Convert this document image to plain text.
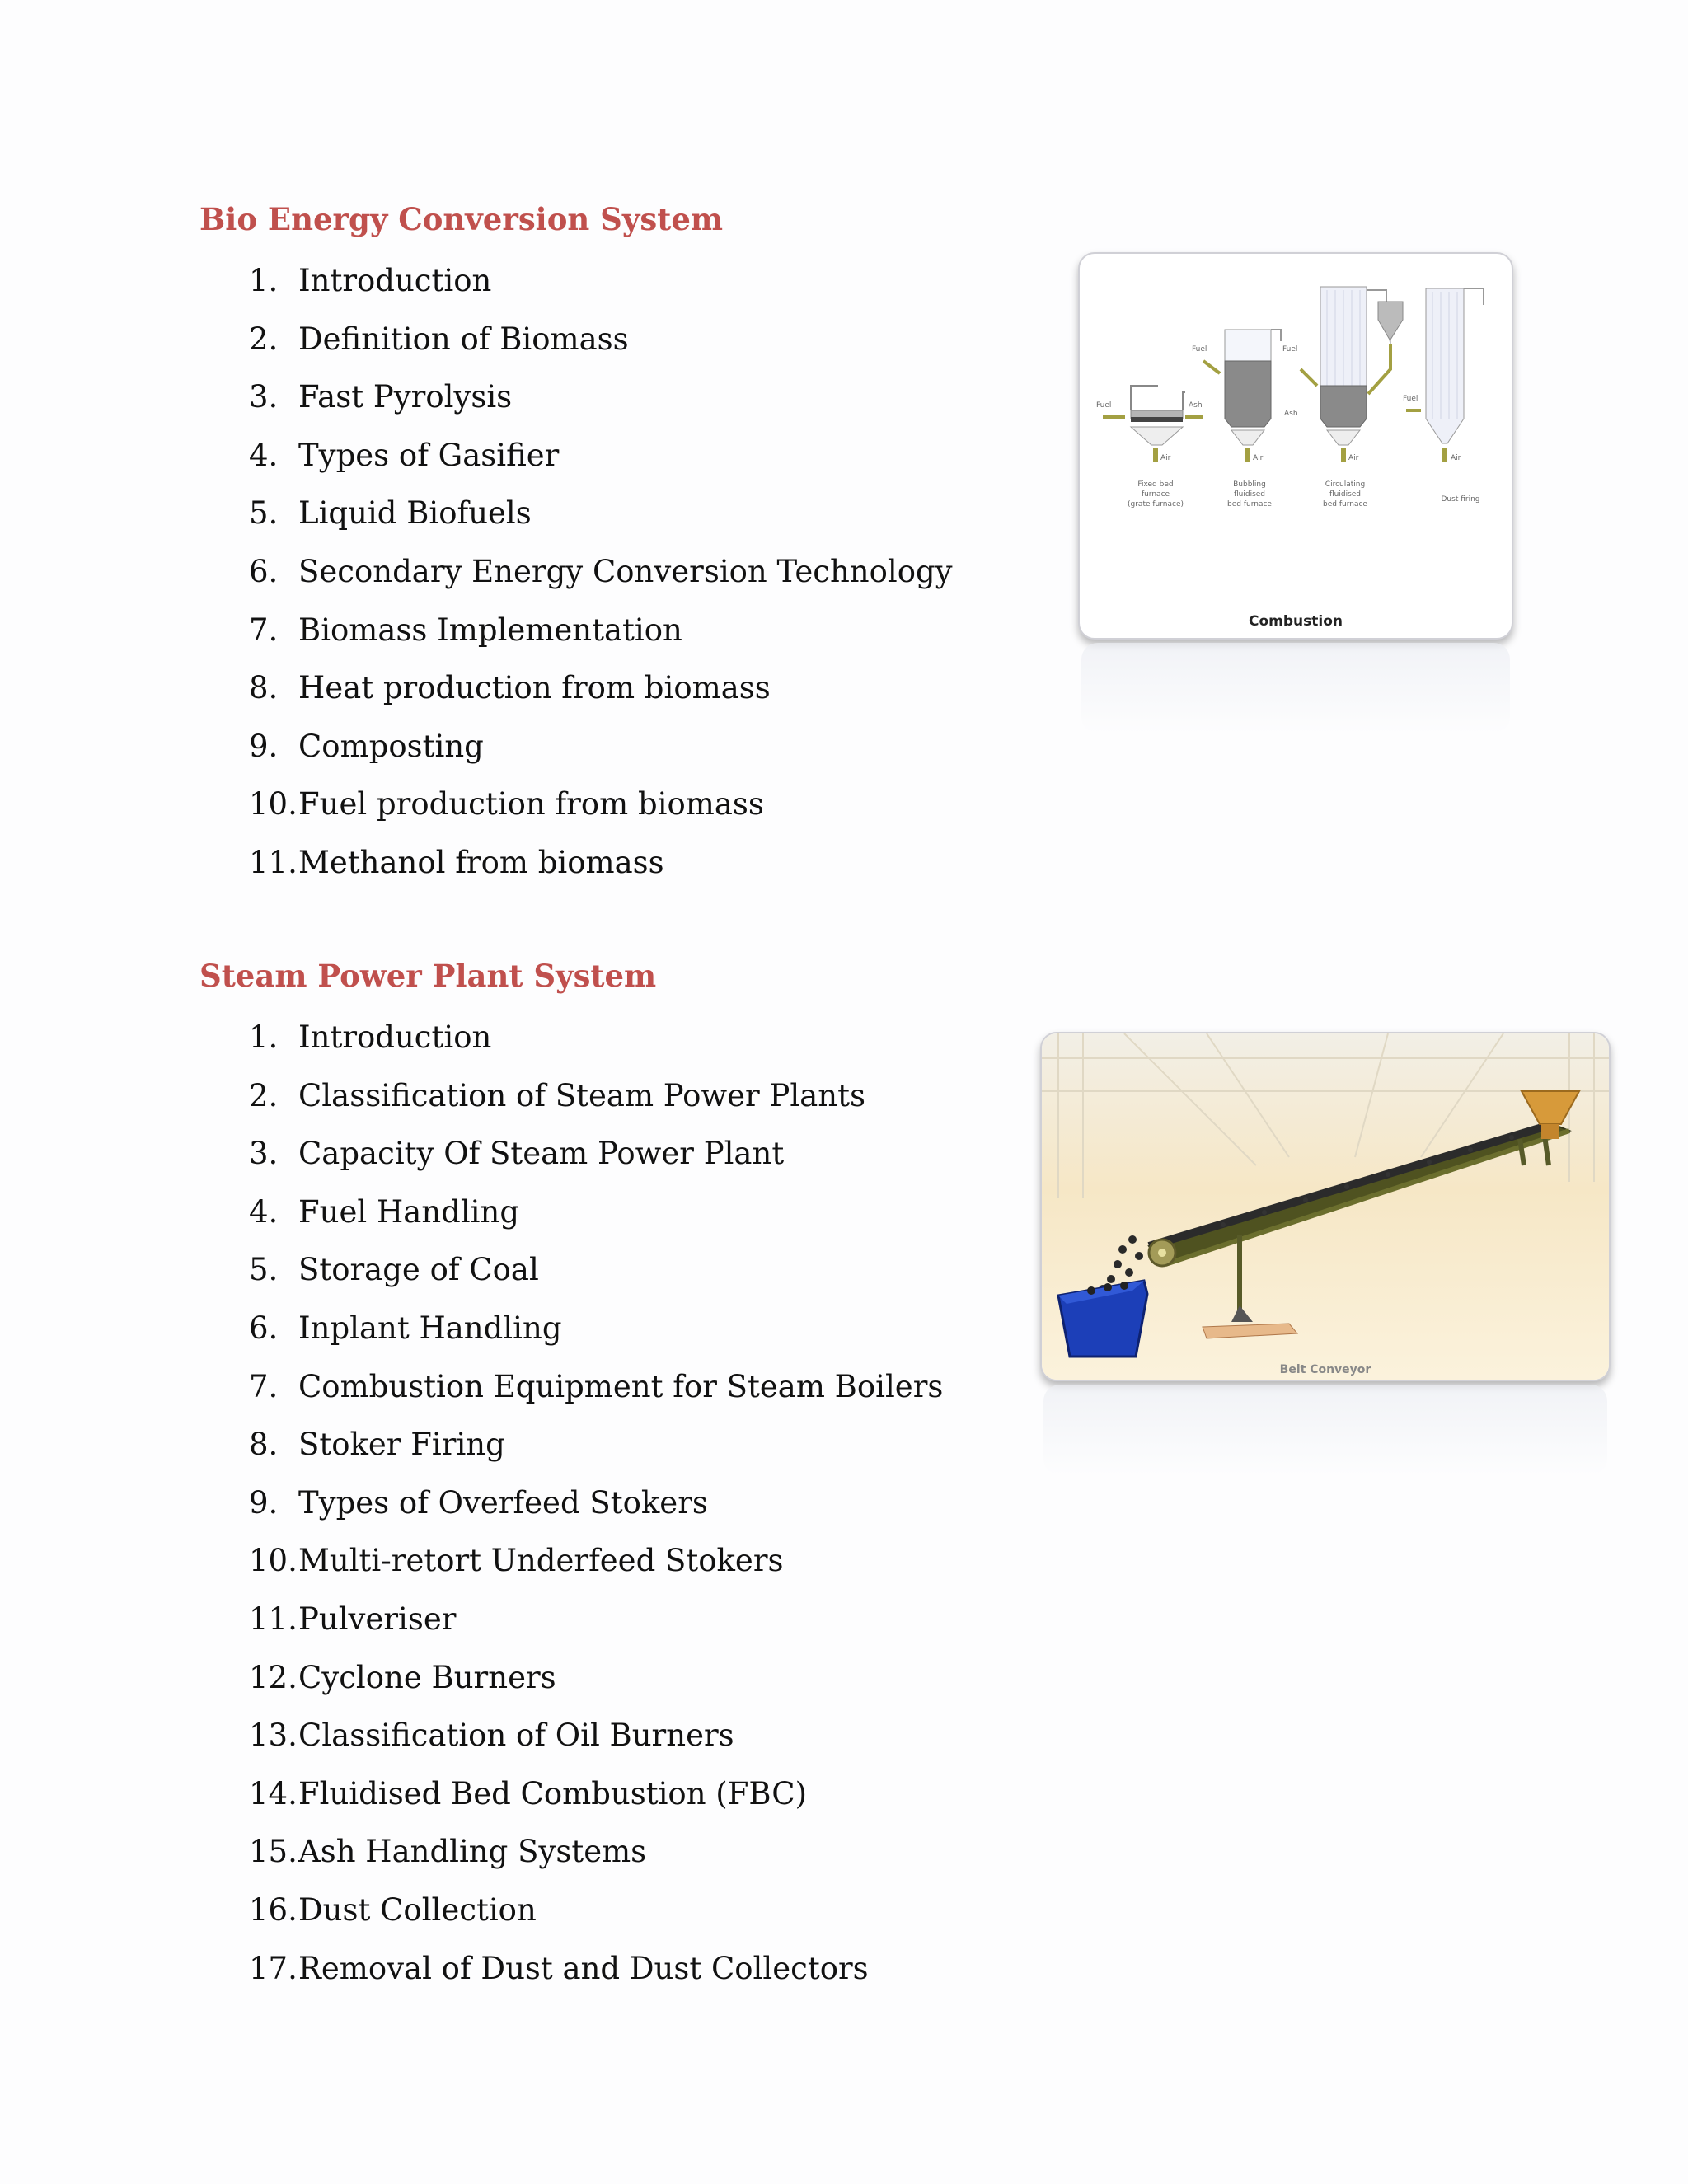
Bio Energy Conversion System
1. Introduction
2. Definition of Biomass
3. Fast Pyrolysis
4. Types of Gasifier
5. Liquid Biofuels
6. Secondary Energy Conversion Technology
7. Biomass Implementation
8. Heat production from biomass
9. Composting
10. Fuel production from biomass
11. Methanol from biomass
Steam Power Plant System
1. Introduction
2. Classification of Steam Power Plants
3. Capacity Of Steam Power Plant
4. Fuel Handling
5. Storage of Coal
6. Inplant Handling
7. Combustion Equipment for Steam Boilers
8. Stoker Firing
9. Types of Overfeed Stokers
10. Multi-retort Underfeed Stokers
11. Pulveriser
12. Cyclone Burners
13. Classification of Oil Burners
14. Fluidised Bed Combustion (FBC)
15. Ash Handling Systems
16. Dust Collection
17. Removal of Dust and Dust Collectors
Fuel	Ash
Air
Fixed bed
furnace
(grate furnace)
Fuel
Air
Bubbling
fluidised
bed furnace
Fuel
Ash
Air
Circulating
fluidised
bed furnace
Fuel
Air
Dust firing
Combustion
Belt Conveyor
